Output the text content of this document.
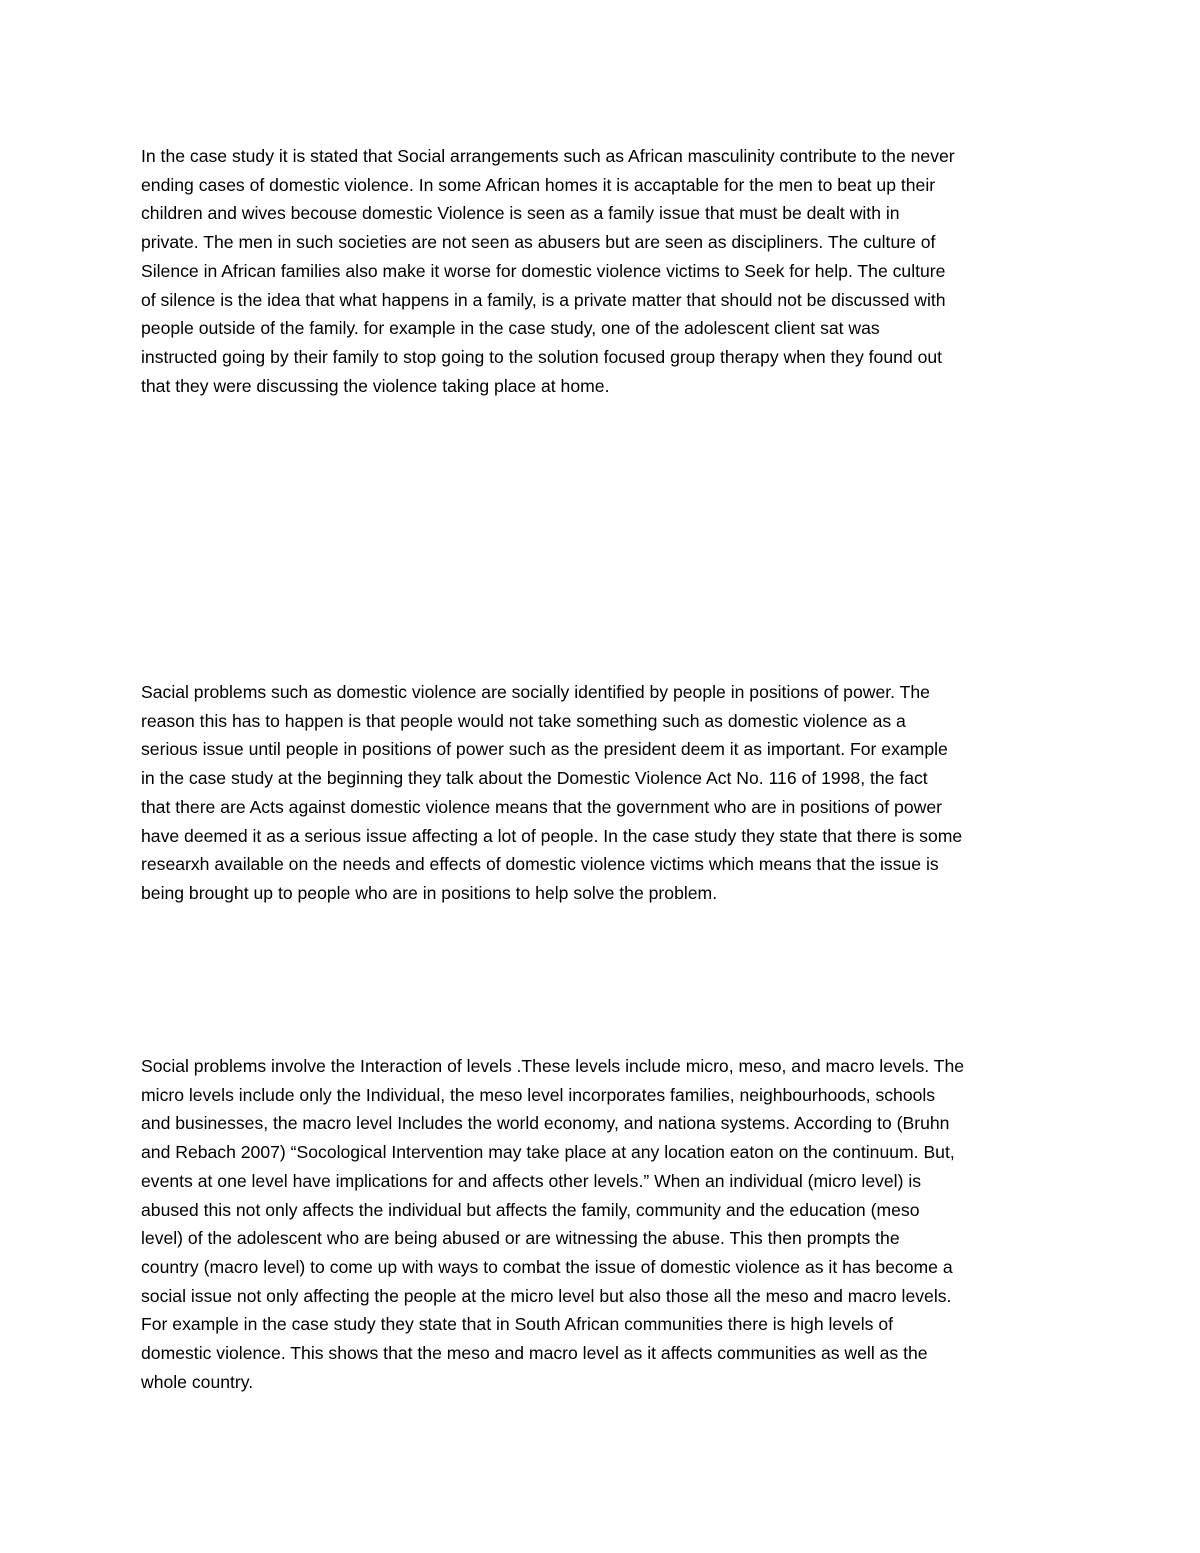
In the case study it is stated that Social arrangements such as African masculinity contribute to the never
ending cases of domestic violence. In some African homes it is accaptable for the men to beat up their
children and wives becouse domestic Violence is seen as a family issue that must be dealt with in
private. The men in such societies are not seen as abusers but are seen as discipliners. The culture of
Silence in African families also make it worse for domestic violence victims to Seek for help. The culture
of silence is the idea that what happens in a family, is a private matter that should not be discussed with
people outside of the family. for example in the case study, one of the adolescent client sat was
instructed going by their family to stop going to the solution focused group therapy when they found out
that they were discussing the violence taking place at home.

Sacial problems such as domestic violence are socially identified by people in positions of power. The
reason this has to happen is that people would not take something such as domestic violence as a
serious issue until people in positions of power such as the president deem it as important. For example
in the case study at the beginning they talk about the Domestic Violence Act No. 116 of 1998, the fact
that there are Acts against domestic violence means that the government who are in positions of power
have deemed it as a serious issue affecting a lot of people. In the case study they state that there is some
researxh available on the needs and effects of domestic violence victims which means that the issue is
being brought up to people who are in positions to help solve the problem.

Social problems involve the Interaction of levels .These levels include micro, meso, and macro levels. The
micro levels include only the Individual, the meso level incorporates families, neighbourhoods, schools
and businesses, the macro level Includes the world economy, and nationa systems. According to (Bruhn
and Rebach 2007) “Socological Intervention may take place at any location eaton on the continuum. But,
events at one level have implications for and affects other levels.” When an individual (micro level) is
abused this not only affects the individual but affects the family, community and the education (meso
level) of the adolescent who are being abused or are witnessing the abuse. This then prompts the
country (macro level) to come up with ways to combat the issue of domestic violence as it has become a
social issue not only affecting the people at the micro level but also those all the meso and macro levels.
For example in the case study they state that in South African communities there is high levels of
domestic violence. This shows that the meso and macro level as it affects communities as well as the
whole country.
